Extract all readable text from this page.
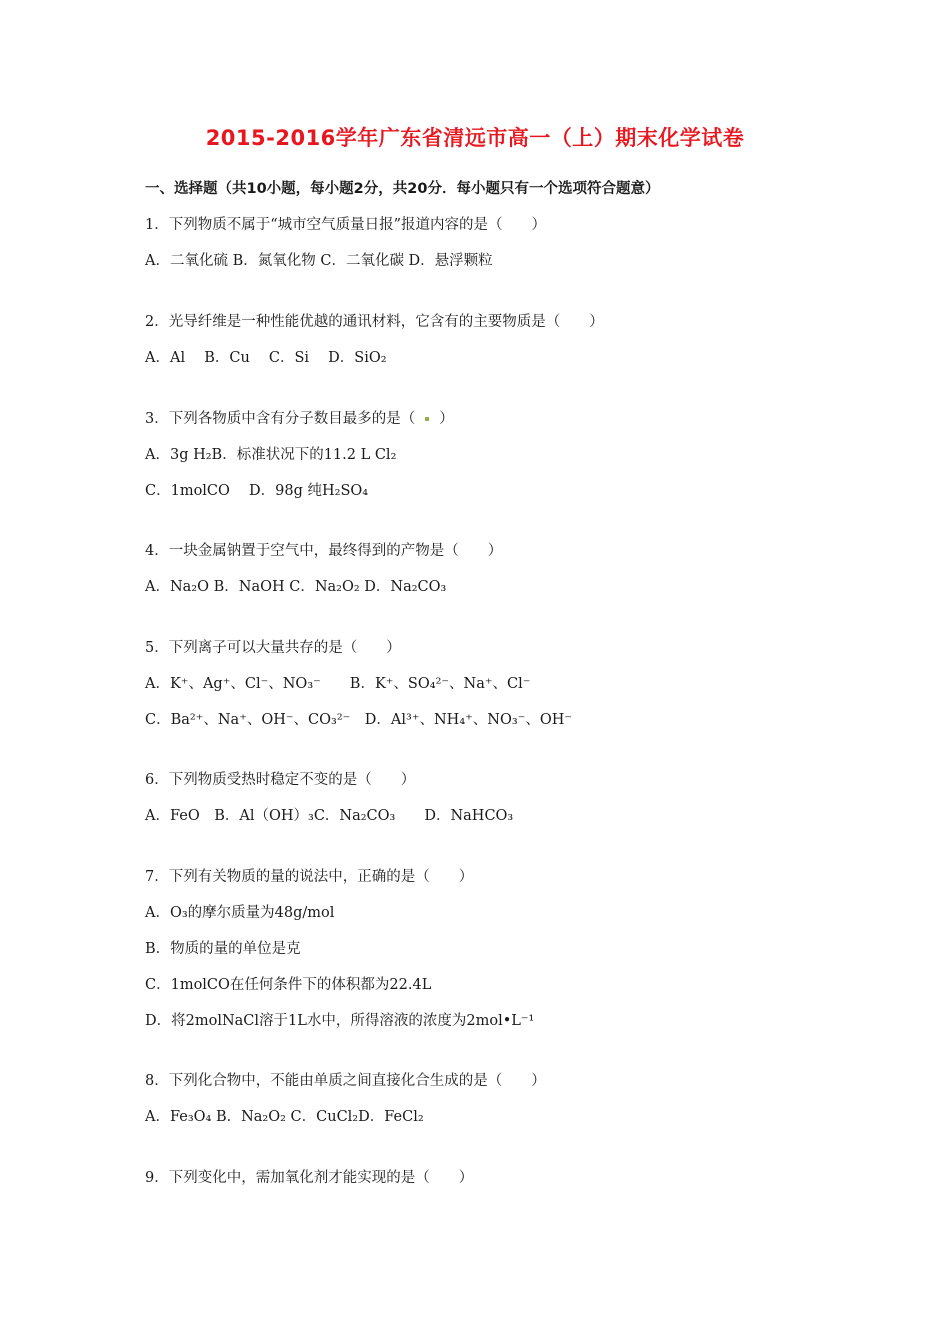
2015-2016学年广东省清远市高一（上）期末化学试卷
一、选择题（共10小题，每小题2分，共20分．每小题只有一个选项符合题意）
1．下列物质不属于“城市空气质量日报”报道内容的是（　　）
A．二氧化硫 B．氮氧化物 C．二氧化碳 D．悬浮颗粒
2．光导纤维是一种性能优越的通讯材料，它含有的主要物质是（　　）
A．Al　 B．Cu　 C．Si　 D．SiO₂
3．下列各物质中含有分子数目最多的是（ ）
A．3g H₂B．标准状况下的11.2 L Cl₂
C．1molCO　 D．98g 纯H₂SO₄
4．一块金属钠置于空气中，最终得到的产物是（　　）
A．Na₂O B．NaOH C．Na₂O₂ D．Na₂CO₃
5．下列离子可以大量共存的是（　　）
A．K⁺、Ag⁺、Cl⁻、NO₃⁻　　B．K⁺、SO₄²⁻、Na⁺、Cl⁻
C．Ba²⁺、Na⁺、OH⁻、CO₃²⁻　D．Al³⁺、NH₄⁺、NO₃⁻、OH⁻
6．下列物质受热时稳定不变的是（　　）
A．FeO　B．Al（OH）₃C．Na₂CO₃　　D．NaHCO₃
7．下列有关物质的量的说法中，正确的是（　　）
A．O₃的摩尔质量为48g/mol
B．物质的量的单位是克
C．1molCO在任何条件下的体积都为22.4L
D．将2molNaCl溶于1L水中，所得溶液的浓度为2mol•L⁻¹
8．下列化合物中，不能由单质之间直接化合生成的是（　　）
A．Fe₃O₄ B．Na₂O₂ C．CuCl₂D．FeCl₂
9．下列变化中，需加氧化剂才能实现的是（　　）
